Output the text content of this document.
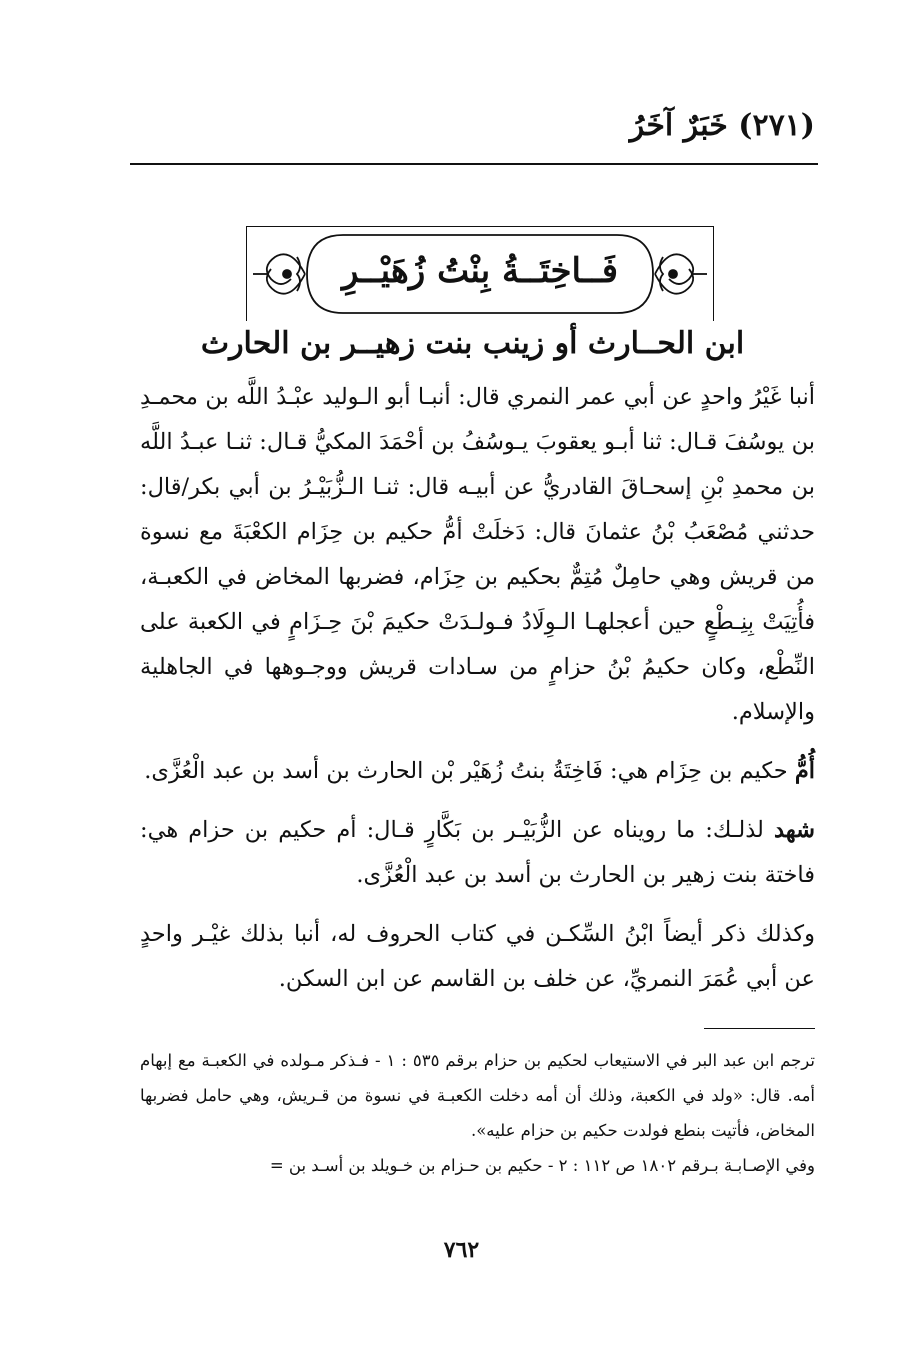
(٢٧١) خَبَرٌ آخَرُ
فَــاخِتَــةُ بِنْتُ زُهَيْــرِ
ابن الحــارث أو زينب بنت زهيــر بن الحارث

أنبا غَيْرُ واحدٍ عن أبي عمر النمري قال: أنبـا أبو الـوليد عبْـدُ اللَّه بن محمـدِ بن يوسُفَ قـال: ثنا أبـو يعقوبَ يـوسُفُ بن أحْمَدَ المكيُّ قـال: ثنـا عبـدُ اللَّه بن محمدِ بْنِ إسحـاقَ القادريُّ عن أبيـه قال: ثنـا الـزُّبَيْـرُ بن أبي بكر/قال: حدثني مُصْعَبُ بْنُ عثمانَ قال: دَخلَتْ أمُّ حكيم بن حِزَام الكعْبَةَ مع نسوة من قريش وهي حامِلٌ مُتِمٌّ بحكيم بن حِزَام، فضربها المخاض في الكعبـة، فأُتِيَتْ بِنِـطْعٍ حين أعجلهـا الـوِلَادُ فـولـدَتْ حكيمَ بْنَ حِـزَامٍ في الكعبة على النِّطْع، وكان حكيمُ بْنُ حزامٍ من سـادات قريش ووجـوهها في الجاهلية والإسلام.

أُمُّ حكيم بن حِزَام هي: فَاخِتَةُ بنتُ زُهَيْر بْن الحارث بن أسد بن عبد الْعُزَّى.

شهد لذلـك: ما رويناه عن الزُّبَيْـر بن بَكَّارٍ قـال: أم حكيم بن حزام هي: فاختة بنت زهير بن الحارث بن أسد بن عبد الْعُزَّى.

وكذلك ذكر أيضاً ابْنُ السِّكـن في كتاب الحروف له، أنبا بذلك غيْـر واحدٍ عن أبي عُمَرَ النمريِّ، عن خلف بن القاسم عن ابن السكن.

ترجم ابن عبد البر في الاستيعاب لحكيم بن حزام برقم ٥٣٥ : ١ - فـذكر مـولده في الكعبـة مع إبهام أمه. قال: «ولد في الكعبة، وذلك أن أمه دخلت الكعبـة في نسوة من قـريش، وهي حامل فضربها المخاض، فأتيت بنطع فولدت حكيم بن حزام عليه».

وفي الإصـابـة بـرقم ١٨٠٢ ص ١١٢ : ٢ - حكيم بن حـزام بن خـويلد بن أسـد بن =

٧٦٢
